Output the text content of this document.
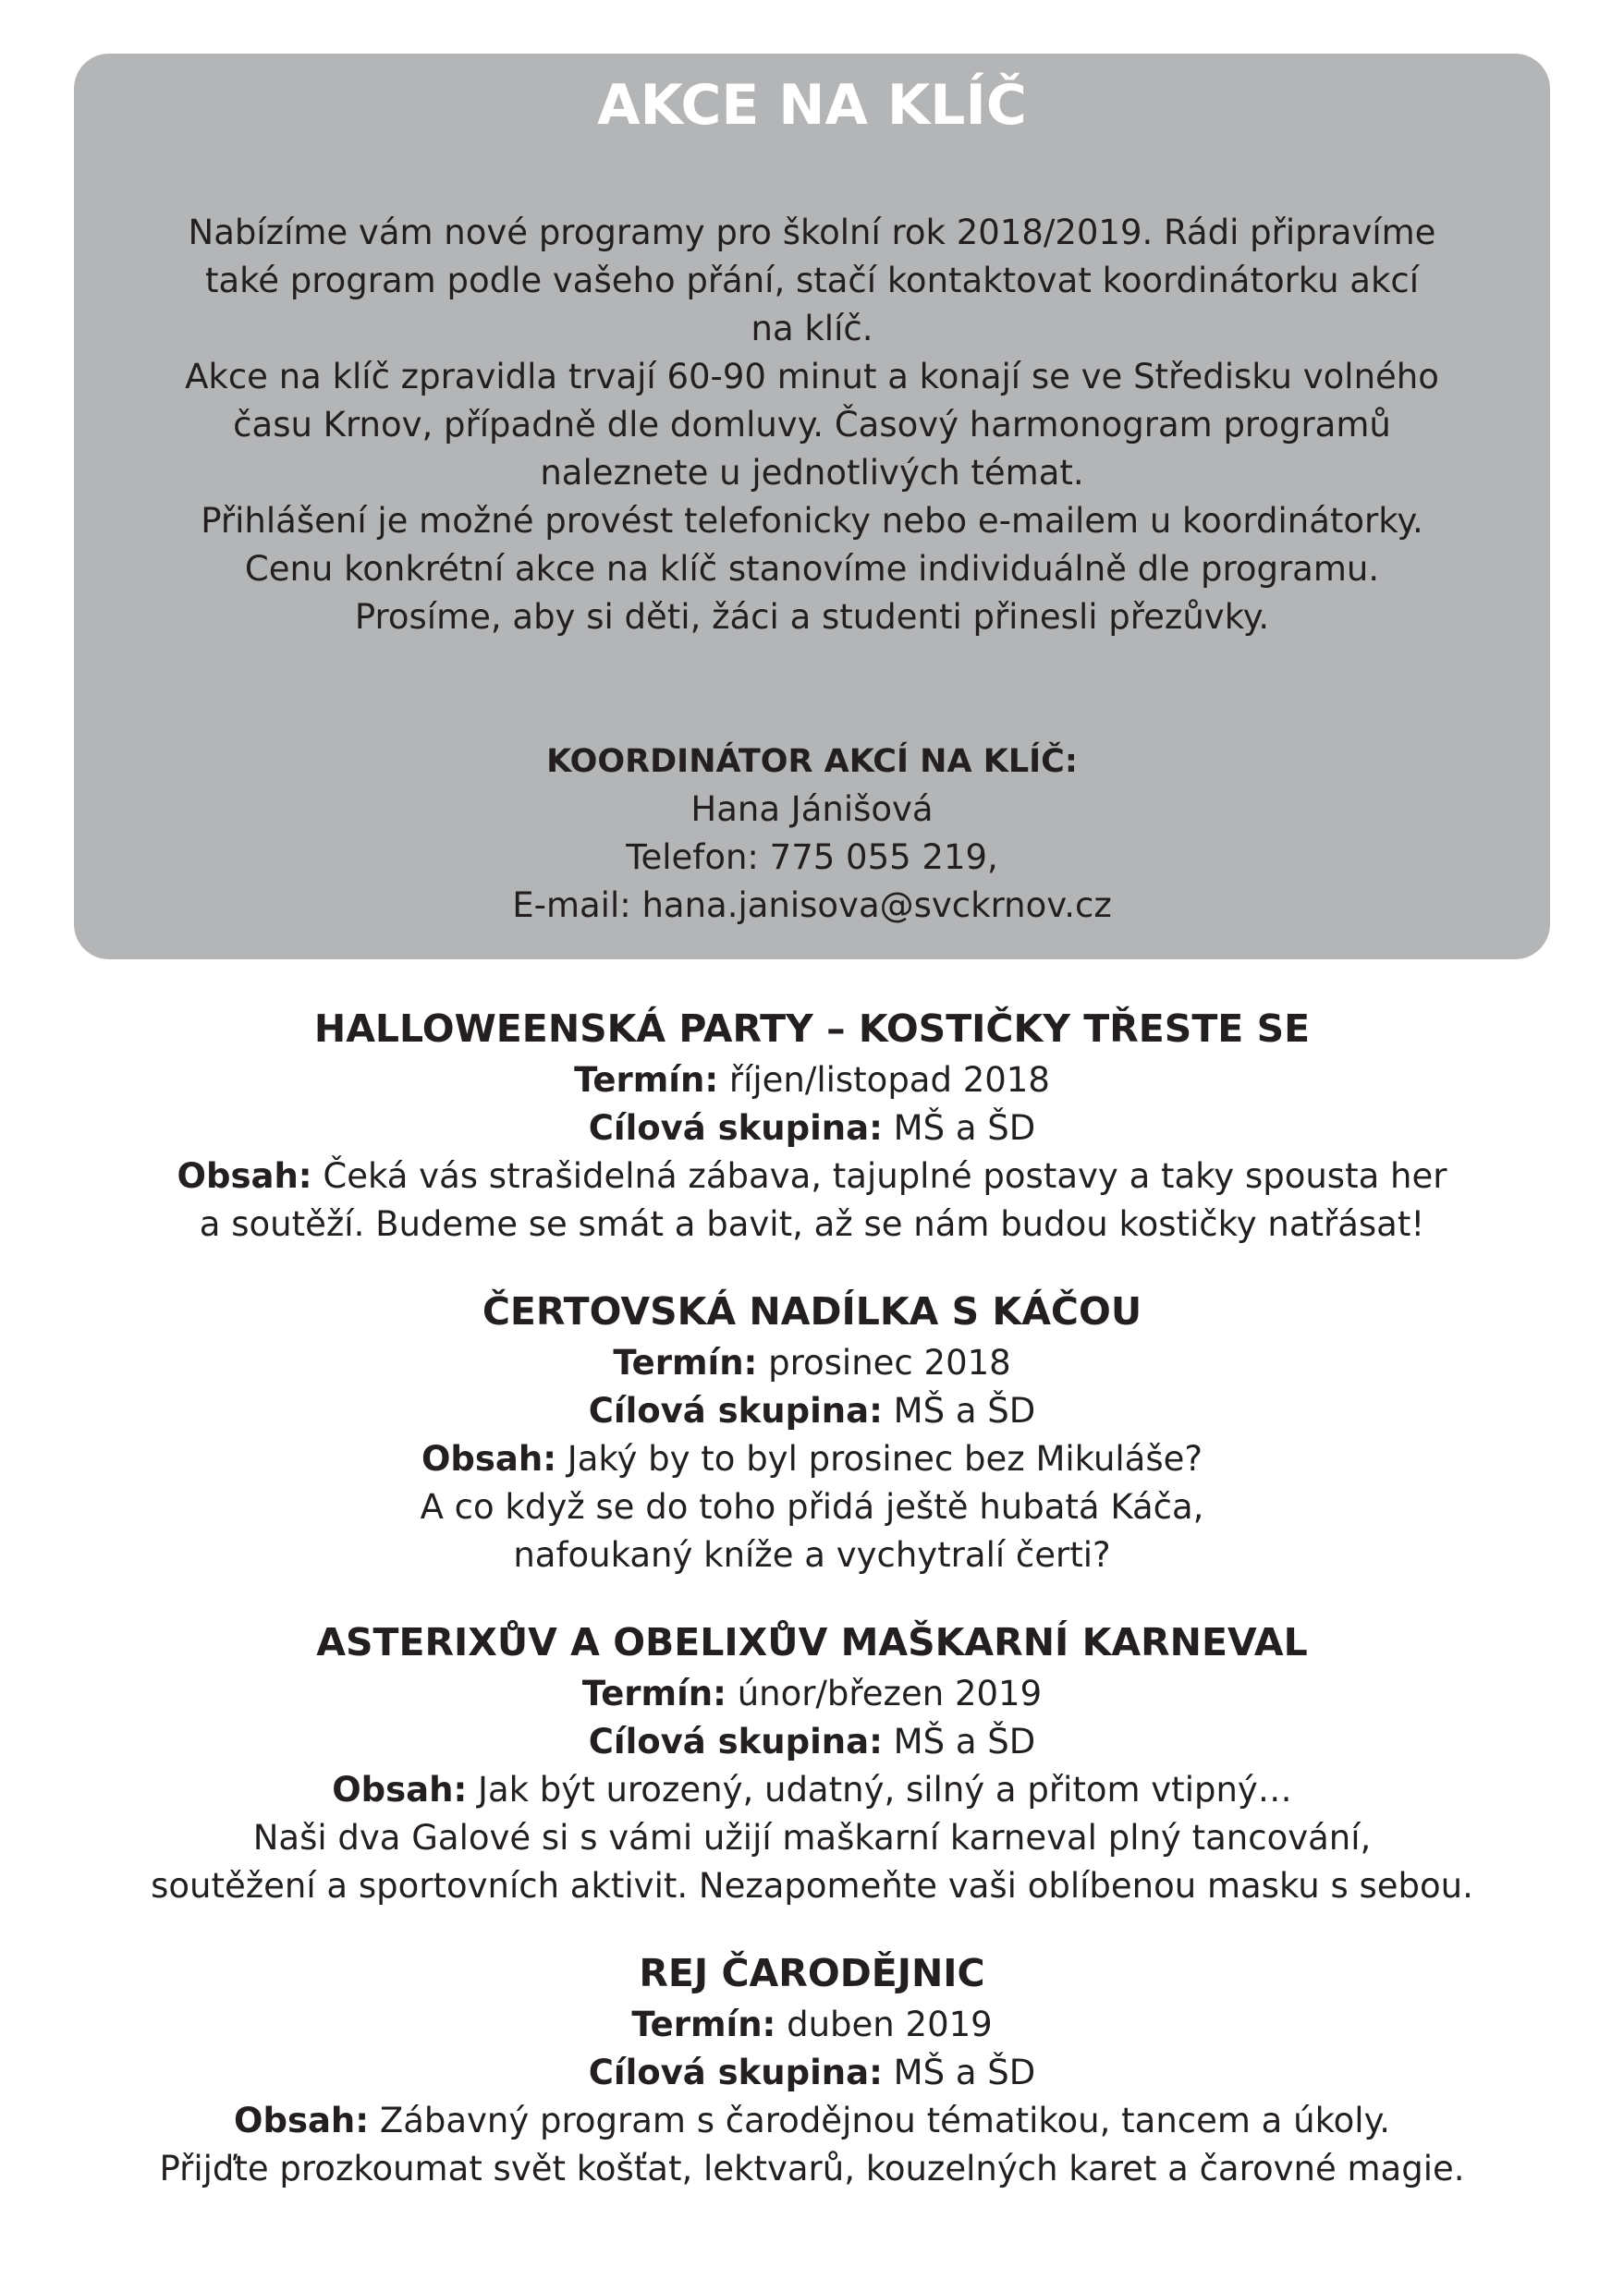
AKCE NA KLÍČ

Nabízíme vám nové programy pro školní rok 2018/2019. Rádi připravíme

také program podle vašeho přání, stačí kontaktovat koordinátorku akcí

na klíč.

Akce na klíč zpravidla trvají 60-90 minut a konají se ve Středisku volného

času Krnov, případně dle domluvy. Časový harmonogram programů

naleznete u jednotlivých témat.

Přihlášení je možné provést telefonicky nebo e-mailem u koordinátorky.

Cenu konkrétní akce na klíč stanovíme individuálně dle programu.

Prosíme, aby si děti, žáci a studenti přinesli přezůvky.

KOORDINÁTOR AKCÍ NA KLÍČ:
Hana Jánišová
Telefon: 775 055 219,
E-mail: hana.janisova@svckrnov.cz
HALLOWEENSKÁ PARTY – KOSTIČKY TŘESTE SE

Termín: říjen/listopad 2018

Cílová skupina: MŠ a ŠD

Obsah: Čeká vás strašidelná zábava, tajuplné postavy a taky spousta her

a soutěží. Budeme se smát a bavit, až se nám budou kostičky natřásat!

ČERTOVSKÁ NADÍLKA S KÁČOU

Termín: prosinec 2018

Cílová skupina: MŠ a ŠD

Obsah: Jaký by to byl prosinec bez Mikuláše?

A co když se do toho přidá ještě hubatá Káča,

nafoukaný kníže a vychytralí čerti?

ASTERIXŮV A OBELIXŮV MAŠKARNÍ KARNEVAL

Termín: únor/březen 2019

Cílová skupina: MŠ a ŠD

Obsah: Jak být urozený, udatný, silný a přitom vtipný…

Naši dva Galové si s vámi užijí maškarní karneval plný tancování,

soutěžení a sportovních aktivit. Nezapomeňte vaši oblíbenou masku s sebou.

REJ ČARODĚJNIC

Termín: duben 2019

Cílová skupina: MŠ a ŠD

Obsah: Zábavný program s čarodějnou tématikou, tancem a úkoly.

Přijďte prozkoumat svět košťat, lektvarů, kouzelných karet a čarovné magie.
